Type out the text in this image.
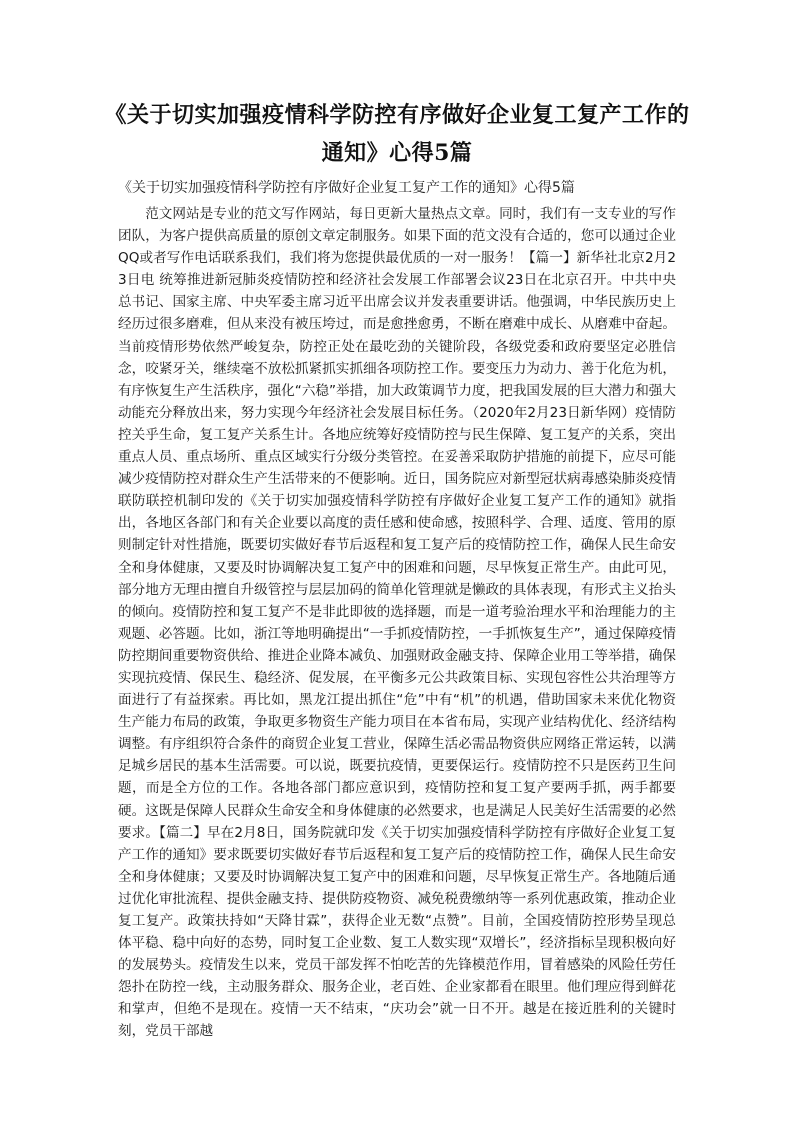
《关于切实加强疫情科学防控有序做好企业复工复产工作的通知》心得5篇

《关于切实加强疫情科学防控有序做好企业复工复产工作的通知》心得5篇

范文网站是专业的范文写作网站，每日更新大量热点文章。同时，我们有一支专业的写作团队，为客户提供高质量的原创文章定制服务。如果下面的范文没有合适的，您可以通过企业QQ或者写作电话联系我们，我们将为您提供最优质的一对一服务！【篇一】新华社北京2月23日电 统筹推进新冠肺炎疫情防控和经济社会发展工作部署会议23日在北京召开。中共中央总书记、国家主席、中央军委主席习近平出席会议并发表重要讲话。他强调，中华民族历史上经历过很多磨难，但从来没有被压垮过，而是愈挫愈勇，不断在磨难中成长、从磨难中奋起。当前疫情形势依然严峻复杂，防控正处在最吃劲的关键阶段，各级党委和政府要坚定必胜信念，咬紧牙关，继续毫不放松抓紧抓实抓细各项防控工作。要变压力为动力、善于化危为机，有序恢复生产生活秩序，强化“六稳”举措，加大政策调节力度，把我国发展的巨大潜力和强大动能充分释放出来，努力实现今年经济社会发展目标任务。（2020年2月23日新华网）疫情防控关乎生命，复工复产关系生计。各地应统筹好疫情防控与民生保障、复工复产的关系，突出重点人员、重点场所、重点区域实行分级分类管控。在妥善采取防护措施的前提下，应尽可能减少疫情防控对群众生产生活带来的不便影响。近日，国务院应对新型冠状病毒感染肺炎疫情联防联控机制印发的《关于切实加强疫情科学防控有序做好企业复工复产工作的通知》就指出，各地区各部门和有关企业要以高度的责任感和使命感，按照科学、合理、适度、管用的原则制定针对性措施，既要切实做好春节后返程和复工复产后的疫情防控工作，确保人民生命安全和身体健康，又要及时协调解决复工复产中的困难和问题，尽早恢复正常生产。由此可见，部分地方无理由擅自升级管控与层层加码的简单化管理就是懒政的具体表现，有形式主义抬头的倾向。疫情防控和复工复产不是非此即彼的选择题，而是一道考验治理水平和治理能力的主观题、必答题。比如，浙江等地明确提出“一手抓疫情防控，一手抓恢复生产”，通过保障疫情防控期间重要物资供给、推进企业降本减负、加强财政金融支持、保障企业用工等举措，确保实现抗疫情、保民生、稳经济、促发展，在平衡多元公共政策目标、实现包容性公共治理等方面进行了有益探索。再比如，黑龙江提出抓住“危”中有“机”的机遇，借助国家未来优化物资生产能力布局的政策，争取更多物资生产能力项目在本省布局，实现产业结构优化、经济结构调整。有序组织符合条件的商贸企业复工营业，保障生活必需品物资供应网络正常运转，以满足城乡居民的基本生活需要。可以说，既要抗疫情，更要保运行。疫情防控不只是医药卫生问题，而是全方位的工作。各地各部门都应意识到，疫情防控和复工复产要两手抓，两手都要硬。这既是保障人民群众生命安全和身体健康的必然要求，也是满足人民美好生活需要的必然要求。【篇二】早在2月8日，国务院就印发《关于切实加强疫情科学防控有序做好企业复工复产工作的通知》要求既要切实做好春节后返程和复工复产后的疫情防控工作，确保人民生命安全和身体健康；又要及时协调解决复工复产中的困难和问题，尽早恢复正常生产。各地随后通过优化审批流程、提供金融支持、提供防疫物资、减免税费缴纳等一系列优惠政策，推动企业复工复产。政策扶持如“天降甘霖”，获得企业无数“点赞”。目前，全国疫情防控形势呈现总体平稳、稳中向好的态势，同时复工企业数、复工人数实现“双增长”，经济指标呈现积极向好的发展势头。疫情发生以来，党员干部发挥不怕吃苦的先锋模范作用，冒着感染的风险任劳任怨扑在防控一线，主动服务群众、服务企业，老百姓、企业家都看在眼里。他们理应得到鲜花和掌声，但绝不是现在。疫情一天不结束，“庆功会”就一日不开。越是在接近胜利的关键时刻，党员干部越
